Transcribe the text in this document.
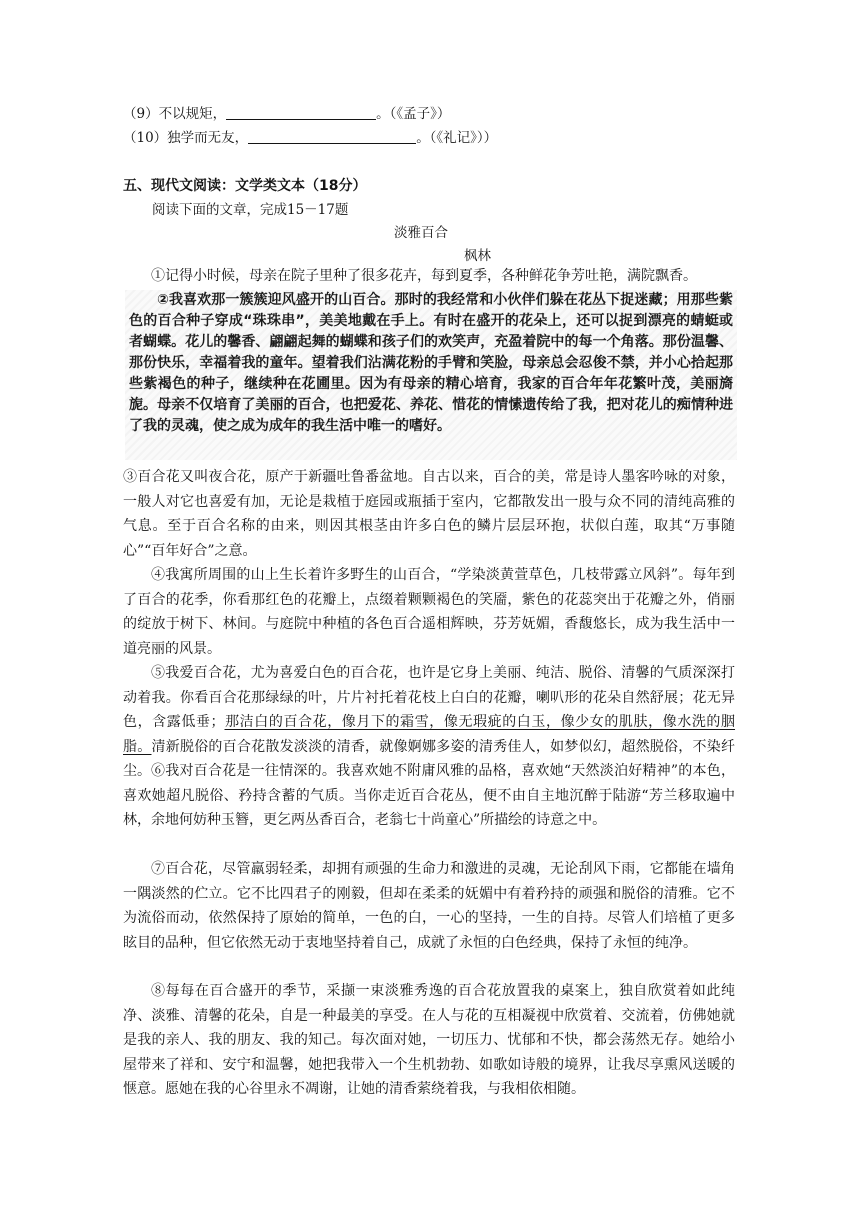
（9）不以规矩，	。（《孟子》）
（10）独学而无友，	。（《礼记》））
五、现代文阅读：文学类文本（18分）
阅读下面的文章，完成15－17题
淡雅百合
枫林

①记得小时候，母亲在院子里种了很多花卉，每到夏季，各种鲜花争芳吐艳，满院飘香。

②我喜欢那一簇簇迎风盛开的山百合。那时的我经常和小伙伴们躲在花丛下捉迷藏；用那些紫色的百合种子穿成“珠珠串”，美美地戴在手上。有时在盛开的花朵上，还可以捉到漂亮的蜻蜓或者蝴蝶。花儿的馨香、翩翩起舞的蝴蝶和孩子们的欢笑声，充盈着院中的每一个角落。那份温馨、那份快乐，幸福着我的童年。望着我们沾满花粉的手臂和笑脸，母亲总会忍俊不禁，并小心拾起那些紫褐色的种子，继续种在花圃里。因为有母亲的精心培育，我家的百合年年花繁叶茂，美丽旖旎。母亲不仅培育了美丽的百合，也把爱花、养花、惜花的情愫遗传给了我，把对花儿的痴情种进了我的灵魂，使之成为成年的我生活中唯一的嗜好。

③百合花又叫夜合花，原产于新疆吐鲁番盆地。自古以来，百合的美，常是诗人墨客吟咏的对象，一般人对它也喜爱有加，无论是栽植于庭园或瓶插于室内，它都散发出一股与众不同的清纯高雅的气息。至于百合名称的由来，则因其根茎由许多白色的鳞片层层环抱，状似白莲，取其“万事随心”“百年好合”之意。

④我寓所周围的山上生长着许多野生的山百合，“学染淡黄萱草色，几枝带露立风斜”。每年到了百合的花季，你看那红色的花瓣上，点缀着颗颗褐色的笑靥，紫色的花蕊突出于花瓣之外，俏丽的绽放于树下、林间。与庭院中种植的各色百合遥相辉映，芬芳妩媚，香馥悠长，成为我生活中一道亮丽的风景。

⑤我爱百合花，尤为喜爱白色的百合花，也许是它身上美丽、纯洁、脱俗、清馨的气质深深打动着我。你看百合花那绿绿的叶，片片衬托着花枝上白白的花瓣，喇叭形的花朵自然舒展；花无异色，含露低垂；那洁白的百合花，像月下的霜雪，像无瑕疵的白玉，像少女的肌肤，像水洗的胭脂。清新脱俗的百合花散发淡淡的清香，就像婀娜多姿的清秀佳人，如梦似幻，超然脱俗，不染纤尘。 ⑥我对百合花是一往情深的。我喜欢她不附庸风雅的品格，喜欢她“天然淡泊好精神”的本色，喜欢她超凡脱俗、矜持含蓄的气质。当你走近百合花丛，便不由自主地沉醉于陆游“芳兰移取遍中林，余地何妨种玉簪，更乞两丛香百合，老翁七十尚童心”所描绘的诗意之中。

⑦百合花，尽管羸弱轻柔，却拥有顽强的生命力和激进的灵魂，无论刮风下雨，它都能在墙角一隅淡然的伫立。它不比四君子的刚毅，但却在柔柔的妩媚中有着矜持的顽强和脱俗的清雅。它不为流俗而动，依然保持了原始的简单，一色的白，一心的坚持，一生的自持。尽管人们培植了更多眩目的品种，但它依然无动于衷地坚持着自己，成就了永恒的白色经典，保持了永恒的纯净。

⑧每每在百合盛开的季节，采撷一束淡雅秀逸的百合花放置我的桌案上，独自欣赏着如此纯净、淡雅、清馨的花朵，自是一种最美的享受。在人与花的互相凝视中欣赏着、交流着，仿佛她就是我的亲人、我的朋友、我的知己。每次面对她，一切压力、忧郁和不快，都会荡然无存。她给小屋带来了祥和、安宁和温馨，她把我带入一个生机勃勃、如歌如诗般的境界，让我尽享熏风送暖的惬意。愿她在我的心谷里永不凋谢，让她的清香萦绕着我，与我相依相随。
